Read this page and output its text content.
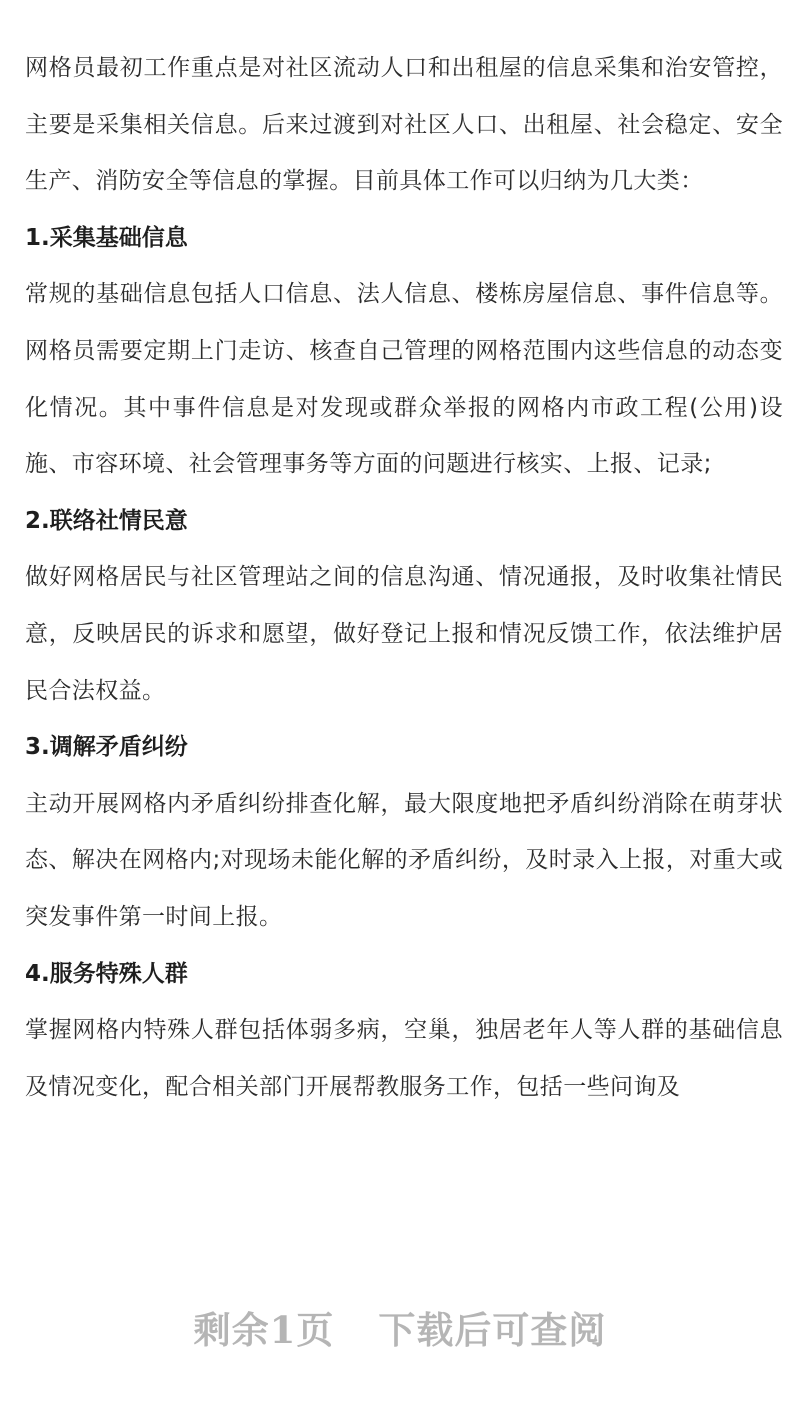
网格员最初工作重点是对社区流动人口和出租屋的信息采集和治安管控，主要是采集相关信息。后来过渡到对社区人口、出租屋、社会稳定、安全生产、消防安全等信息的掌握。目前具体工作可以归纳为几大类：

1.采集基础信息

常规的基础信息包括人口信息、法人信息、楼栋房屋信息、事件信息等。网格员需要定期上门走访、核查自己管理的网格范围内这些信息的动态变化情况。其中事件信息是对发现或群众举报的网格内市政工程(公用)设施、市容环境、社会管理事务等方面的问题进行核实、上报、记录;

2.联络社情民意

做好网格居民与社区管理站之间的信息沟通、情况通报，及时收集社情民意，反映居民的诉求和愿望，做好登记上报和情况反馈工作，依法维护居民合法权益。

3.调解矛盾纠纷

主动开展网格内矛盾纠纷排查化解，最大限度地把矛盾纠纷消除在萌芽状态、解决在网格内;对现场未能化解的矛盾纠纷，及时录入上报，对重大或突发事件第一时间上报。

4.服务特殊人群

掌握网格内特殊人群包括体弱多病，空巢，独居老年人等人群的基础信息及情况变化，配合相关部门开展帮教服务工作，包括一些问询及

剩余1页 下载后可查阅
